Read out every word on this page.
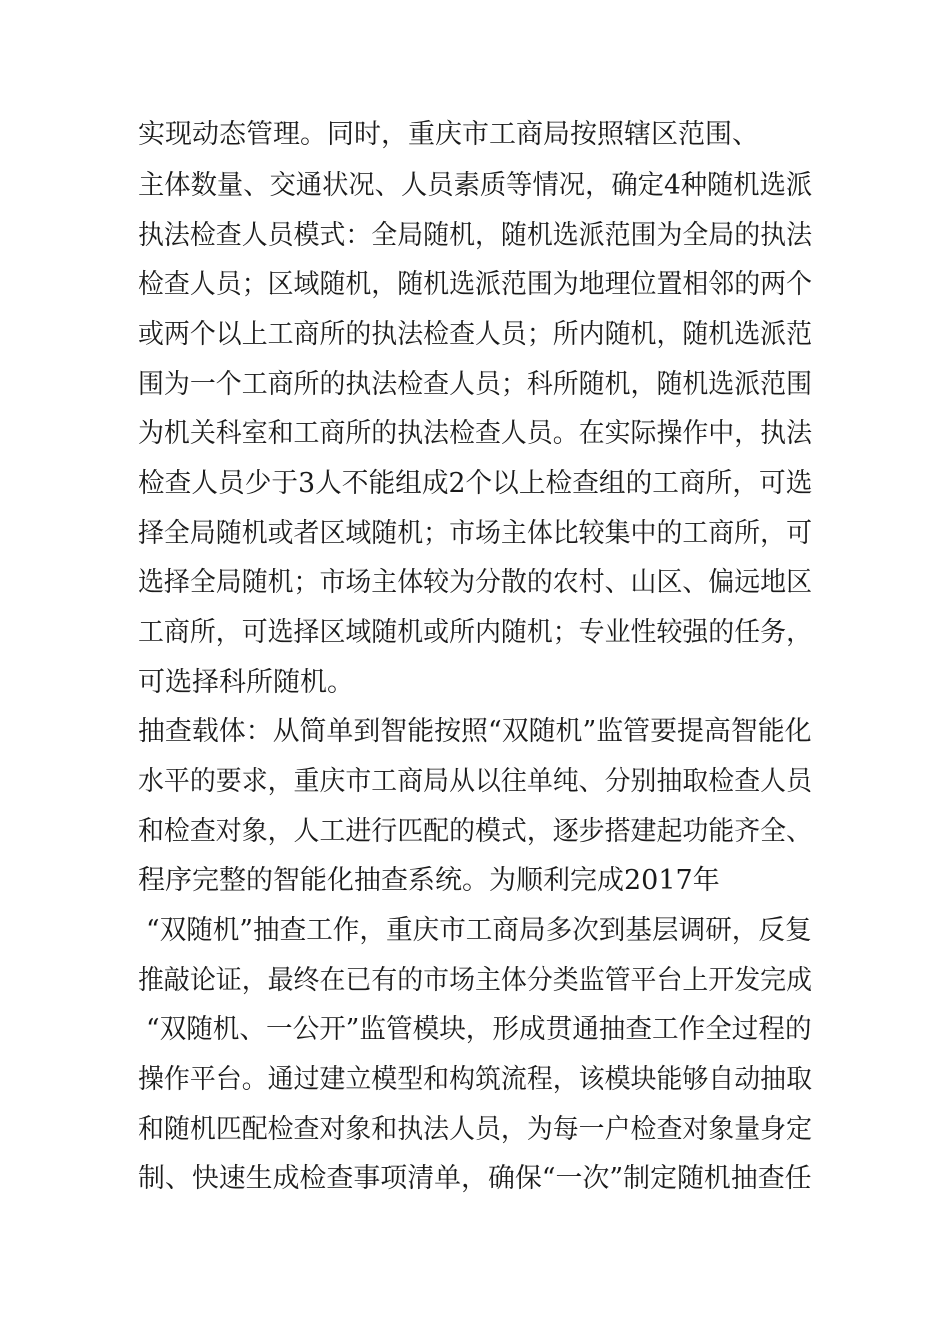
实现动态管理。同时，重庆市工商局按照辖区范围、
主体数量、交通状况、人员素质等情况，确定4种随机选派
执法检查人员模式：全局随机，随机选派范围为全局的执法
检查人员；区域随机，随机选派范围为地理位置相邻的两个
或两个以上工商所的执法检查人员；所内随机，随机选派范
围为一个工商所的执法检查人员；科所随机，随机选派范围
为机关科室和工商所的执法检查人员。在实际操作中，执法
检查人员少于3人不能组成2个以上检查组的工商所，可选
择全局随机或者区域随机；市场主体比较集中的工商所，可
选择全局随机；市场主体较为分散的农村、山区、偏远地区
工商所，可选择区域随机或所内随机；专业性较强的任务，
可选择科所随机。
抽查载体：从简单到智能按照“双随机”监管要提高智能化
水平的要求，重庆市工商局从以往单纯、分别抽取检查人员
和检查对象，人工进行匹配的模式，逐步搭建起功能齐全、
程序完整的智能化抽查系统。为顺利完成2017年
“双随机”抽查工作，重庆市工商局多次到基层调研，反复
推敲论证，最终在已有的市场主体分类监管平台上开发完成
“双随机、一公开”监管模块，形成贯通抽查工作全过程的
操作平台。通过建立模型和构筑流程，该模块能够自动抽取
和随机匹配检查对象和执法人员，为每一户检查对象量身定
制、快速生成检查事项清单，确保“一次”制定随机抽查任
